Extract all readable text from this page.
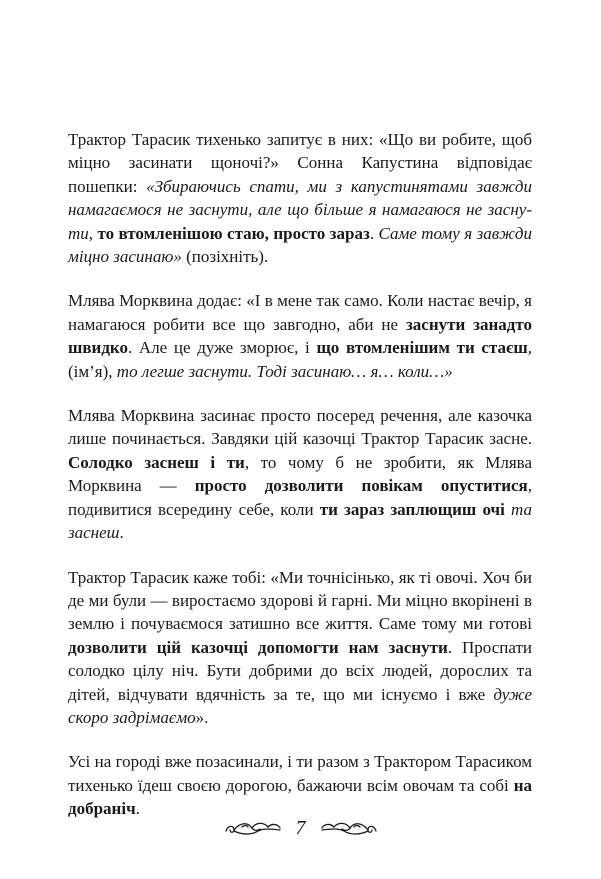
Трактор Тарасик тихенько запитує в них: «Що ви робите, щоб міцно засинати щоночі?» Сонна Капустина відповідає пошепки: «Збираючись спати, ми з капустинятами завжди намагаємося не заснути, але що більше я намагаюся не заснути, то втомленішою стаю, просто зараз. Саме тому я завжди міцно засинаю» (позіхніть).

Млява Морквина додає: «І в мене так само. Коли настає вечір, я намагаюся робити все що завгодно, аби не заснути занадто швидко. Але це дуже зморює, і що втомленішим ти стаєш, (ім’я), то легше заснути. Тоді засинаю… я… коли…»

Млява Морквина засинає просто посеред речення, але казочка лише починається. Завдяки цій казочці Трактор Тарасик засне. Солодко заснеш і ти, то чому б не зробити, як Млява Морквина — просто дозволити повікам опуститися, подивитися всередину себе, коли ти зараз заплющиш очі та заснеш.

Трактор Тарасик каже тобі: «Ми точнісінько, як ті овочі. Хоч би де ми були — виростаємо здорові й гарні. Ми міцно вкорінені в землю і почуваємося затишно все життя. Саме тому ми готові дозволити цій казочці допомогти нам заснути. Проспати солодко цілу ніч. Бути добрими до всіх людей, дорослих та дітей, відчувати вдячність за те, що ми існуємо і вже дуже скоро задрімаємо».

Усі на городі вже позасинали, і ти разом з Трактором Тарасиком тихенько їдеш своєю дорогою, бажаючи всім овочам та собі на добраніч.

7
